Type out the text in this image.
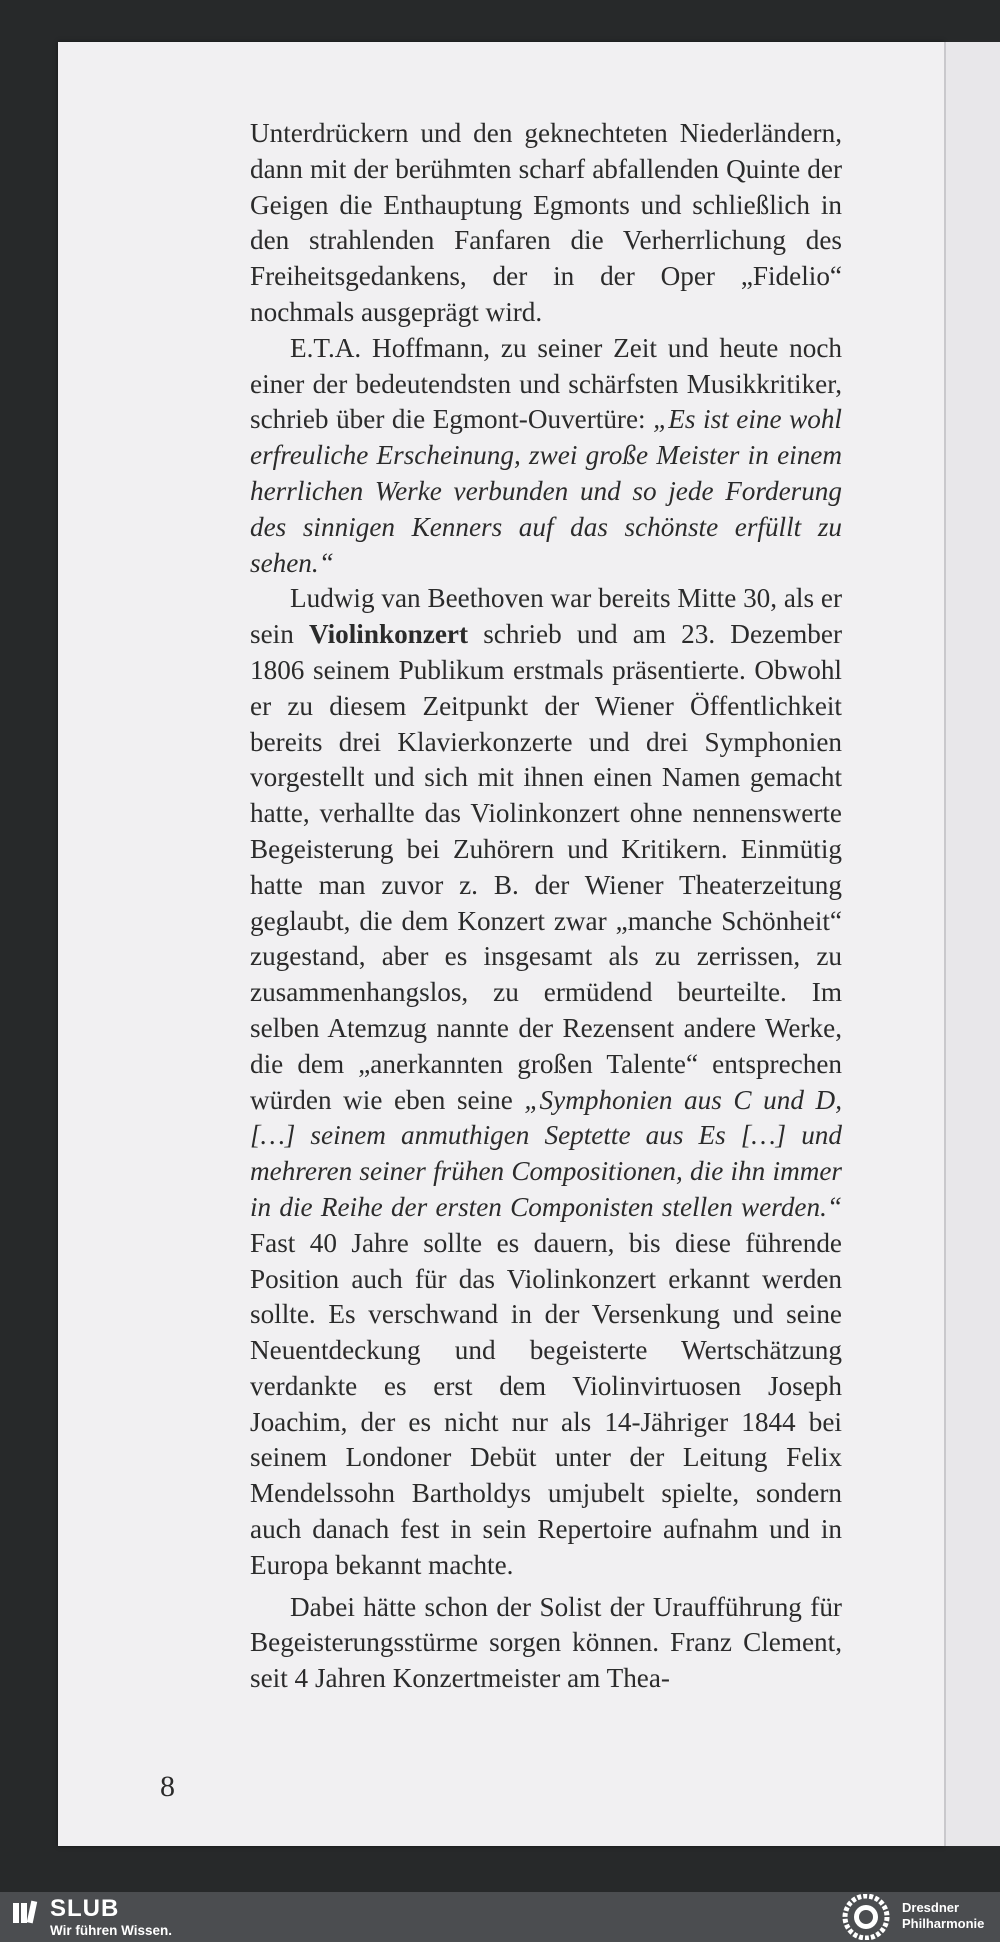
Unterdrückern und den geknechteten Niederländern, dann mit der berühmten scharf abfallenden Quinte der Geigen die Enthauptung Egmonts und schließlich in den strahlenden Fanfaren die Verherrlichung des Freiheitsgedankens, der in der Oper „Fidelio“ nochmals ausgeprägt wird.

E.T.A. Hoffmann, zu seiner Zeit und heute noch einer der bedeutendsten und schärfsten Musikkritiker, schrieb über die Egmont-Ouvertüre: „Es ist eine wohl erfreuliche Erscheinung, zwei große Meister in einem herrlichen Werke verbunden und so jede Forderung des sinnigen Kenners auf das schönste erfüllt zu sehen.“

Ludwig van Beethoven war bereits Mitte 30, als er sein Violinkonzert schrieb und am 23. Dezember 1806 seinem Publikum erstmals präsentierte. Obwohl er zu diesem Zeitpunkt der Wiener Öffentlichkeit bereits drei Klavierkonzerte und drei Symphonien vorgestellt und sich mit ihnen einen Namen gemacht hatte, verhallte das Violinkonzert ohne nennenswerte Begeisterung bei Zuhörern und Kritikern. Einmütig hatte man zuvor z. B. der Wiener Theaterzeitung geglaubt, die dem Konzert zwar „manche Schönheit“ zugestand, aber es insgesamt als zu zerrissen, zu zusammenhangslos, zu ermüdend beurteilte. Im selben Atemzug nannte der Rezensent andere Werke, die dem „anerkannten großen Talente“ entsprechen würden wie eben seine „Symphonien aus C und D, […] seinem anmuthigen Septette aus Es […] und mehreren seiner frühen Compositionen, die ihn immer in die Reihe der ersten Componisten stellen werden.“ Fast 40 Jahre sollte es dauern, bis diese führende Position auch für das Violinkonzert erkannt werden sollte. Es verschwand in der Versenkung und seine Neuentdeckung und begeisterte Wertschätzung verdankte es erst dem Violinvirtuosen Joseph Joachim, der es nicht nur als 14-Jähriger 1844 bei seinem Londoner Debüt unter der Leitung Felix Mendelssohn Bartholdys umjubelt spielte, sondern auch danach fest in sein Repertoire aufnahm und in Europa bekannt machte.

Dabei hätte schon der Solist der Uraufführung für Begeisterungsstürme sorgen können. Franz Clement, seit 4 Jahren Konzertmeister am Thea-

8
SLUB
Wir führen Wissen.
Dresdner
Philharmonie
